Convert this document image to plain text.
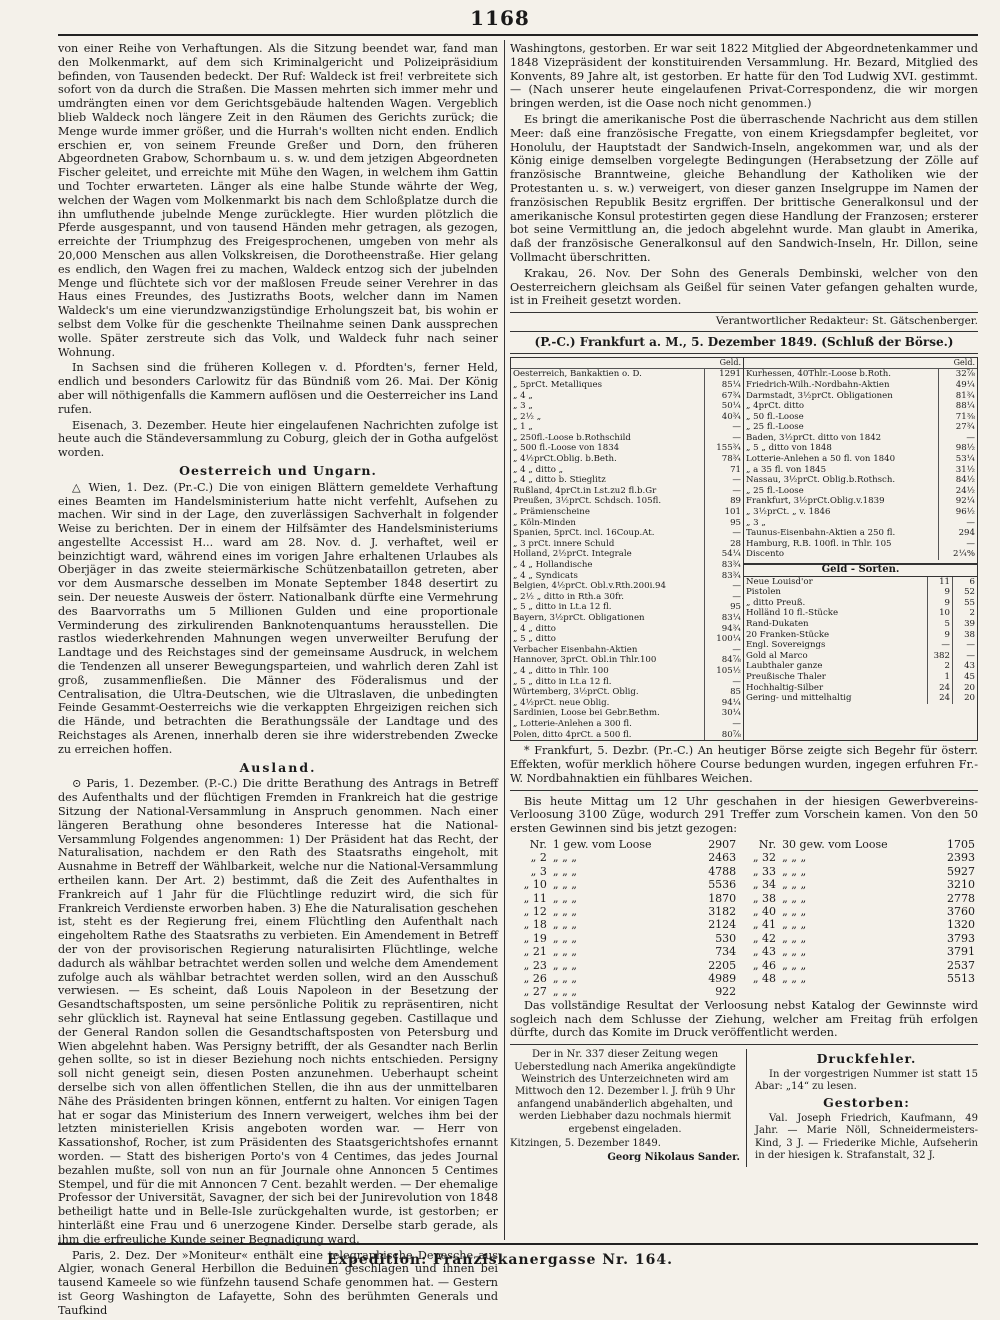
1168

von einer Reihe von Verhaftungen. Als die Sitzung beendet war, fand man den Molkenmarkt, auf dem sich Kriminalgericht und Polizeipräsidium befinden, von Tausenden bedeckt. Der Ruf: Waldeck ist frei! verbreitete sich sofort von da durch die Straßen. Die Massen mehrten sich immer mehr und umdrängten einen vor dem Gerichtsgebäude haltenden Wagen. Vergeblich blieb Waldeck noch längere Zeit in den Räumen des Gerichts zurück; die Menge wurde immer größer, und die Hurrah's wollten nicht enden. Endlich erschien er, von seinem Freunde Greßer und Dorn, den früheren Abgeordneten Grabow, Schornbaum u. s. w. und dem jetzigen Abgeordneten Fischer geleitet, und erreichte mit Mühe den Wagen, in welchem ihm Gattin und Tochter erwarteten. Länger als eine halbe Stunde währte der Weg, welchen der Wagen vom Molkenmarkt bis nach dem Schloßplatze durch die ihn umfluthende jubelnde Menge zurücklegte. Hier wurden plötzlich die Pferde ausgespannt, und von tausend Händen mehr getragen, als gezogen, erreichte der Triumphzug des Freigesprochenen, umgeben von mehr als 20,000 Menschen aus allen Volkskreisen, die Dorotheenstraße. Hier gelang es endlich, den Wagen frei zu machen, Waldeck entzog sich der jubelnden Menge und flüchtete sich vor der maßlosen Freude seiner Verehrer in das Haus eines Freundes, des Justizraths Boots, welcher dann im Namen Waldeck's um eine vierundzwanzigstündige Erholungszeit bat, bis wohin er selbst dem Volke für die geschenkte Theilnahme seinen Dank aussprechen wolle. Später zerstreute sich das Volk, und Waldeck fuhr nach seiner Wohnung.

In Sachsen sind die früheren Kollegen v. d. Pfordten's, ferner Held, endlich und besonders Carlowitz für das Bündniß vom 26. Mai. Der König aber will nöthigenfalls die Kammern auflösen und die Oesterreicher ins Land rufen.

Eisenach, 3. Dezember. Heute hier eingelaufenen Nachrichten zufolge ist heute auch die Ständeversammlung zu Coburg, gleich der in Gotha aufgelöst worden.

Oesterreich und Ungarn.

△ Wien, 1. Dez. (Pr.-C.) Die von einigen Blättern gemeldete Verhaftung eines Beamten im Handelsministerium hatte nicht verfehlt, Aufsehen zu machen. Wir sind in der Lage, den zuverlässigen Sachverhalt in folgender Weise zu berichten. Der in einem der Hilfsämter des Handelsministeriums angestellte Accessist H... ward am 28. Nov. d. J. verhaftet, weil er beinzichtigt ward, während eines im vorigen Jahre erhaltenen Urlaubes als Oberjäger in das zweite steiermärkische Schützenbataillon getreten, aber vor dem Ausmarsche desselben im Monate September 1848 desertirt zu sein. Der neueste Ausweis der österr. Nationalbank dürfte eine Vermehrung des Baarvorraths um 5 Millionen Gulden und eine proportionale Verminderung des zirkulirenden Banknotenquantums herausstellen. Die rastlos wiederkehrenden Mahnungen wegen unverweilter Berufung der Landtage und des Reichstages sind der gemeinsame Ausdruck, in welchem die Tendenzen all unserer Bewegungsparteien, und wahrlich deren Zahl ist groß, zusammenfließen. Die Männer des Föderalismus und der Centralisation, die Ultra-Deutschen, wie die Ultraslaven, die unbedingten Feinde Gesammt-Oesterreichs wie die verkappten Ehrgeizigen reichen sich die Hände, und betrachten die Berathungssäle der Landtage und des Reichstages als Arenen, innerhalb deren sie ihre widerstrebenden Zwecke zu erreichen hoffen.

Ausland.

⊙ Paris, 1. Dezember. (P.-C.) Die dritte Berathung des Antrags in Betreff des Aufenthalts und der flüchtigen Fremden in Frankreich hat die gestrige Sitzung der National-Versammlung in Anspruch genommen. Nach einer längeren Berathung ohne besonderes Interesse hat die National-Versammlung Folgendes angenommen: 1) Der Präsident hat das Recht, der Naturalisation, nachdem er den Rath des Staatsraths eingeholt, mit Ausnahme in Betreff der Wählbarkeit, welche nur die National-Versammlung ertheilen kann. Der Art. 2) bestimmt, daß die Zeit des Aufenthaltes in Frankreich auf 1 Jahr für die Flüchtlinge reduzirt wird, die sich für Frankreich Verdienste erworben haben. 3) Ehe die Naturalisation geschehen ist, steht es der Regierung frei, einem Flüchtling den Aufenthalt nach eingeholtem Rathe des Staatsraths zu verbieten. Ein Amendement in Betreff der von der provisorischen Regierung naturalisirten Flüchtlinge, welche dadurch als wählbar betrachtet werden sollen und welche dem Amendement zufolge auch als wählbar betrachtet werden sollen, wird an den Ausschuß verwiesen. — Es scheint, daß Louis Napoleon in der Besetzung der Gesandtschaftsposten, um seine persönliche Politik zu repräsentiren, nicht sehr glücklich ist. Rayneval hat seine Entlassung gegeben. Castillaque und der General Randon sollen die Gesandtschaftsposten von Petersburg und Wien abgelehnt haben. Was Persigny betrifft, der als Gesandter nach Berlin gehen sollte, so ist in dieser Beziehung noch nichts entschieden. Persigny soll nicht geneigt sein, diesen Posten anzunehmen. Ueberhaupt scheint derselbe sich von allen öffentlichen Stellen, die ihn aus der unmittelbaren Nähe des Präsidenten bringen können, entfernt zu halten. Vor einigen Tagen hat er sogar das Ministerium des Innern verweigert, welches ihm bei der letzten ministeriellen Krisis angeboten worden war. — Herr von Kassationshof, Rocher, ist zum Präsidenten des Staatsgerichtshofes ernannt worden. — Statt des bisherigen Porto's von 4 Centimes, das jedes Journal bezahlen mußte, soll von nun an für Journale ohne Annoncen 5 Centimes Stempel, und für die mit Annoncen 7 Cent. bezahlt werden. — Der ehemalige Professor der Universität, Savagner, der sich bei der Junirevolution von 1848 betheiligt hatte und in Belle-Isle zurückgehalten wurde, ist gestorben; er hinterläßt eine Frau und 6 unerzogene Kinder. Derselbe starb gerade, als ihm die erfreuliche Kunde seiner Begnadigung ward.

Paris, 2. Dez. Der »Moniteur« enthält eine telegraphische Depesche aus Algier, wonach General Herbillon die Beduinen geschlagen und ihnen bei tausend Kameele so wie fünfzehn tausend Schafe genommen hat. — Gestern ist Georg Washington de Lafayette, Sohn des berühmten Generals und Taufkind

Washingtons, gestorben. Er war seit 1822 Mitglied der Abgeordnetenkammer und 1848 Vizepräsident der konstituirenden Versammlung. Hr. Bezard, Mitglied des Konvents, 89 Jahre alt, ist gestorben. Er hatte für den Tod Ludwig XVI. gestimmt. — (Nach unserer heute eingelaufenen Privat-Correspondenz, die wir morgen bringen werden, ist die Oase noch nicht genommen.)

Es bringt die amerikanische Post die überraschende Nachricht aus dem stillen Meer: daß eine französische Fregatte, von einem Kriegsdampfer begleitet, vor Honolulu, der Hauptstadt der Sandwich-Inseln, angekommen war, und als der König einige demselben vorgelegte Bedingungen (Herabsetzung der Zölle auf französische Branntweine, gleiche Behandlung der Katholiken wie der Protestanten u. s. w.) verweigert, von dieser ganzen Inselgruppe im Namen der französischen Republik Besitz ergriffen. Der brittische Generalkonsul und der amerikanische Konsul protestirten gegen diese Handlung der Franzosen; ersterer bot seine Vermittlung an, die jedoch abgelehnt wurde. Man glaubt in Amerika, daß der französische Generalkonsul auf den Sandwich-Inseln, Hr. Dillon, seine Vollmacht überschritten.

Krakau, 26. Nov. Der Sohn des Generals Dembinski, welcher von den Oesterreichern gleichsam als Geißel für seinen Vater gefangen gehalten wurde, ist in Freiheit gesetzt worden.

Verantwortlicher Redakteur: St. Gätschenberger.
(P.-C.) Frankfurt a. M., 5. Dezember 1849. (Schluß der Börse.)
Geld.
Oesterreich, Bankaktien o. D.	1291
„ 5prCt. Metalliques	85¼
„ 4 „	67¾
„ 3 „	50¼
„ 2½ „	40¾
„ 1 „	—
„ 250fl.-Loose b.Rothschild	—
„ 500 fl.-Loose von 1834	155¾
„ 4½prCt.Oblig. b.Beth.	78¾
„ 4 „ ditto „	71
„ 4 „ ditto b. Stieglitz	—
Rußland, 4prCt.in Lst.zu2 fl.b.Gr	—
Preußen, 3½prCt. Schdsch. 105fl.	89
„ Prämienscheine	101
„ Köln-Minden	95
Spanien, 5prCt. incl. 16Coup.At.	—
„ 3 prCt. innere Schuld	28
Holland, 2½prCt. Integrale	54¼
„ 4 „ Hollandische	83¾
„ 4 „ Syndicats	83¾
Belgien, 4½prCt. Obl.v.Rth.200i.94	—
„ 2½ „ ditto in Rth.a 30fr.	—
„ 5 „ ditto in Lt.a 12 fl.	95
Bayern, 3½prCt. Obligationen	83¼
„ 4 „ ditto	94¾
„ 5 „ ditto	100¼
Verbacher Eisenbahn-Aktien	—
Hannover, 3prCt. Obl.in Thlr.100	84⅞
„ 4 „ ditto in Thlr. 100	105½
„ 5 „ ditto in Lt.a 12 fl.	—
Würtemberg, 3½prCt. Oblig.	85
„ 4½prCt. neue Oblig.	94¼
Sardinien, Loose bei Gebr.Bethm.	30¼
„ Lotterie-Anlehen a 300 fl.	—
Polen, ditto 4prCt. a 500 fl.	80⅞
Geld.
Kurhessen, 40Thlr.-Loose b.Roth.	32⅞
Friedrich-Wilh.-Nordbahn-Aktien	49¼
Darmstadt, 3½prCt. Obligationen	81¾
„ 4prCt. ditto	88¼
„ 50 fl.-Loose	71⅜
„ 25 fl.-Loose	27¾
Baden, 3½prCt. ditto von 1842	—
„ 5 „ ditto von 1848	98½
Lotterie-Anlehen a 50 fl. von 1840	53¼
„ a 35 fl. von 1845	31½
Nassau, 3½prCt. Oblig.b.Rothsch.	84½
„ 25 fl.-Loose	24½
Frankfurt, 3½prCt.Oblig.v.1839	92¼
„ 3½prCt. „ v. 1846	96½
„ 3 „	—
Taunus-Eisenbahn-Aktien a 250 fl.	294
Hamburg, R.B. 100fl. in Thlr. 105	—
Discento	2¼%
Geld - Sorten.
Neue Louisd'or	11	6
Pistolen	9	52
„ ditto Preuß.	9	55
Holländ 10 fl.-Stücke	10	2
Rand-Dukaten	5	39
20 Franken-Stücke	9	38
Engl. Sovereigngs	—	—
Gold al Marco	382	—
Laubthaler ganze	2	43
Preußische Thaler	1	45
Hochhaltig-Silber	24	20
Gering- und mittelhaltig	24	20

* Frankfurt, 5. Dezbr. (Pr.-C.) An heutiger Börse zeigte sich Begehr für österr. Effekten, wofür merklich höhere Course bedungen wurden, ingegen erfuhren Fr.-W. Nordbahnaktien ein fühlbares Weichen.

Bis heute Mittag um 12 Uhr geschahen in der hiesigen Gewerbvereins-Verloosung 3100 Züge, wodurch 291 Treffer zum Vorschein kamen. Von den 50 ersten Gewinnen sind bis jetzt gezogen:

Nr.	1 gew. vom Loose	2907	Nr.	30 gew. vom Loose	1705
„ 2	„ „ „	2463	„ 32	„ „ „	2393
„ 3	„ „ „	4788	„ 33	„ „ „	5927
„ 10	„ „ „	5536	„ 34	„ „ „	3210
„ 11	„ „ „	1870	„ 38	„ „ „	2778
„ 12	„ „ „	3182	„ 40	„ „ „	3760
„ 18	„ „ „	2124	„ 41	„ „ „	1320
„ 19	„ „ „	530	„ 42	„ „ „	3793
„ 21	„ „ „	734	„ 43	„ „ „	3791
„ 23	„ „ „	2205	„ 46	„ „ „	2537
„ 26	„ „ „	4989	„ 48	„ „ „	5513
„ 27	„ „ „	922			

Das vollständige Resultat der Verloosung nebst Katalog der Gewinnste wird sogleich nach dem Schlusse der Ziehung, welcher am Freitag früh erfolgen dürfte, durch das Komite im Druck veröffentlicht werden.

Der in Nr. 337 dieser Zeitung wegen Ueberstedlung nach Amerika angekündigte Weinstrich des Unterzeichneten wird am Mittwoch den 12. Dezember l. J. früh 9 Uhr anfangend unabänderlich abgehalten, und werden Liebhaber dazu nochmals hiermit ergebenst eingeladen.

Kitzingen, 5. Dezember 1849.

Georg Nikolaus Sander.

Druckfehler.

In der vorgestrigen Nummer ist statt 15 Abar: „14“ zu lesen.

Gestorben:

Val. Joseph Friedrich, Kaufmann, 49 Jahr. — Marie Nöll, Schneidermeisters-Kind, 3 J. — Friederike Michle, Aufseherin in der hiesigen k. Strafanstalt, 32 J.

Expedition: Franziskanergasse Nr. 164.
